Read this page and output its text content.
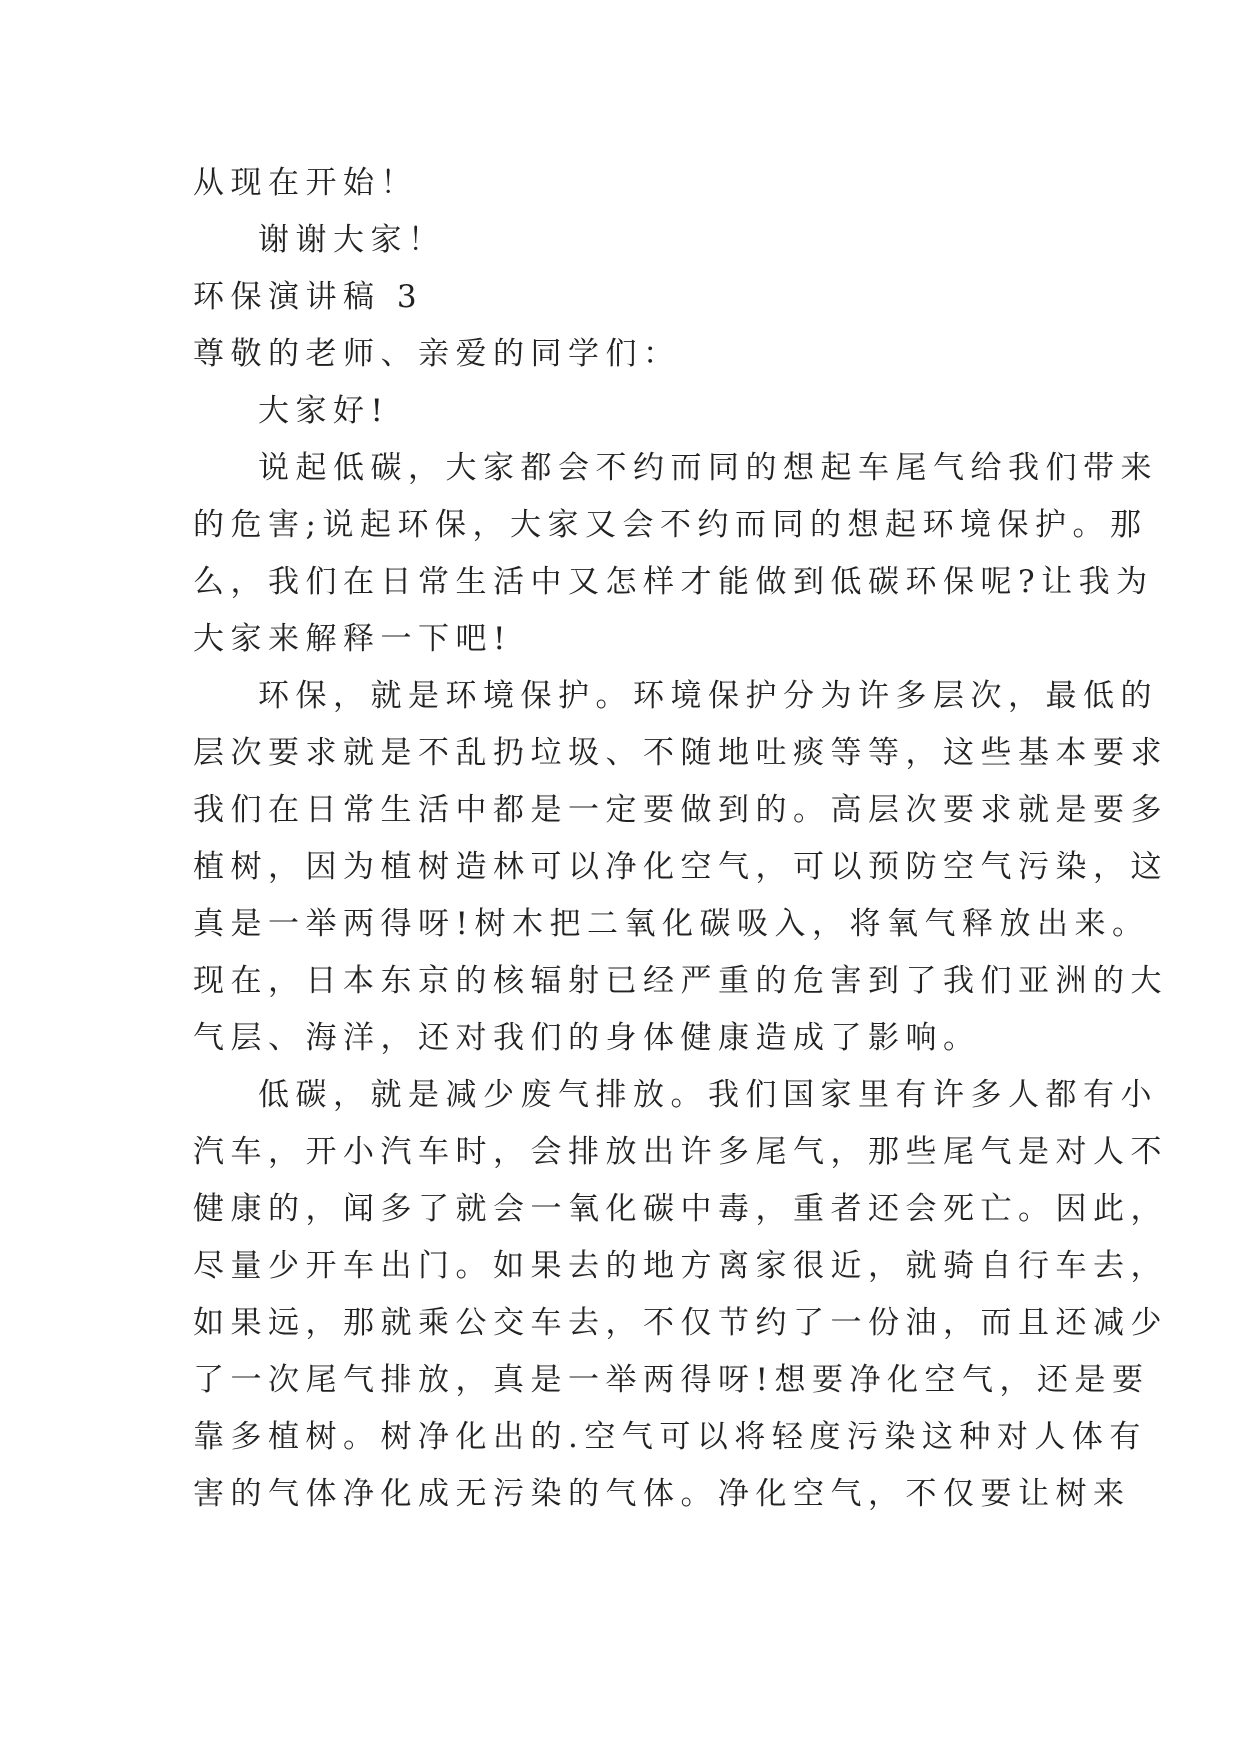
从现在开始！
谢谢大家！
环保演讲稿 3
尊敬的老师、亲爱的同学们：
大家好!
说起低碳，大家都会不约而同的想起车尾气给我们带来
的危害;说起环保，大家又会不约而同的想起环境保护。那
么，我们在日常生活中又怎样才能做到低碳环保呢?让我为
大家来解释一下吧!
环保，就是环境保护。环境保护分为许多层次，最低的
层次要求就是不乱扔垃圾、不随地吐痰等等，这些基本要求
我们在日常生活中都是一定要做到的。高层次要求就是要多
植树，因为植树造林可以净化空气，可以预防空气污染，这
真是一举两得呀!树木把二氧化碳吸入，将氧气释放出来。
现在，日本东京的核辐射已经严重的危害到了我们亚洲的大
气层、海洋，还对我们的身体健康造成了影响。
低碳，就是减少废气排放。我们国家里有许多人都有小
汽车，开小汽车时，会排放出许多尾气，那些尾气是对人不
健康的，闻多了就会一氧化碳中毒，重者还会死亡。因此，
尽量少开车出门。如果去的地方离家很近，就骑自行车去，
如果远，那就乘公交车去，不仅节约了一份油，而且还减少
了一次尾气排放，真是一举两得呀!想要净化空气，还是要
靠多植树。树净化出的.空气可以将轻度污染这种对人体有
害的气体净化成无污染的气体。净化空气，不仅要让树来
